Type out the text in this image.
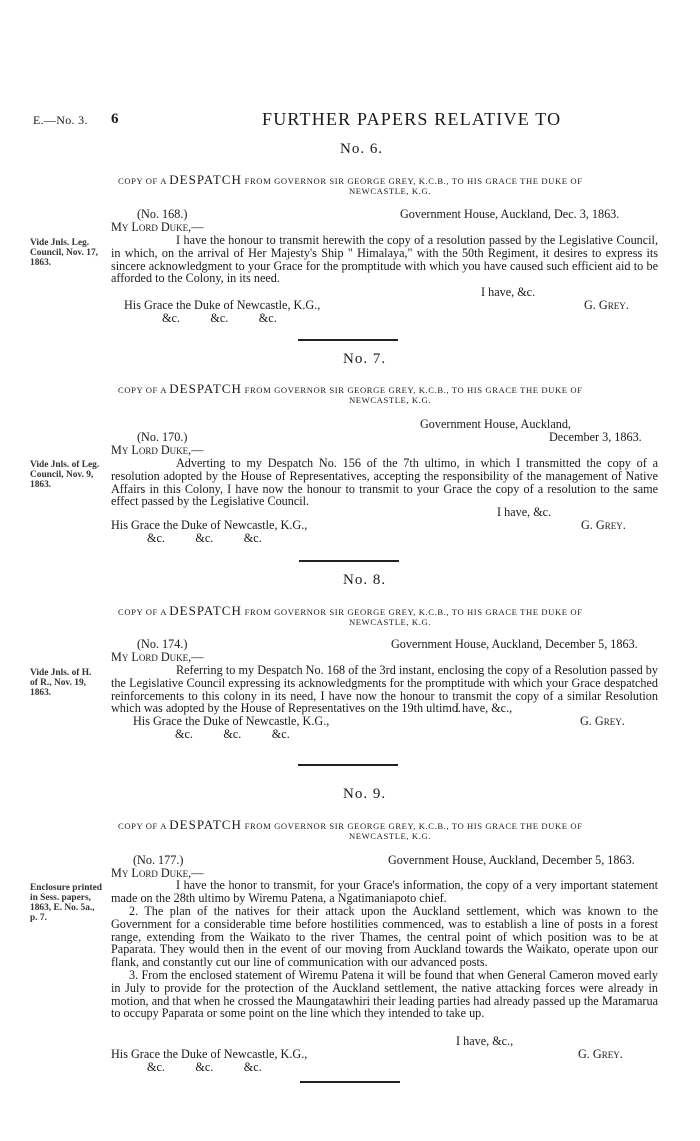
E.—No. 3. 6	FURTHER PAPERS RELATIVE TO
No. 6.
COPY OF A DESPATCH FROM GOVERNOR SIR GEORGE GREY, K.C.B., TO HIS GRACE THE DUKE OF
NEWCASTLE, K.G.
(No. 168.)	Government House, Auckland, Dec. 3, 1863.
My Lord Duke,—
Vide Jnls. Leg.
Council, Nov. 17,
1863.
I have the honour to transmit herewith the copy of a resolution passed by the Legislative Council, in which, on the arrival of Her Majesty's Ship " Himalaya," with the 50th Regiment, it desires to express its sincere acknowledgment to your Grace for the promptitude with which you have caused such efficient aid to be afforded to the Colony, in its need.
I have, &c.
His Grace the Duke of Newcastle, K.G.,	G. Grey.
&c.          &c.          &c.
No. 7.
COPY OF A DESPATCH FROM GOVERNOR SIR GEORGE GREY, K.C.B., TO HIS GRACE THE DUKE OF
NEWCASTLE, K.G.
Government House, Auckland,
(No. 170.)	December 3, 1863.
My Lord Duke,—
Vide Jnls. of Leg.
Council, Nov. 9,
1863.
Adverting to my Despatch No. 156 of the 7th ultimo, in which I transmitted the copy of a resolution adopted by the House of Representatives, accepting the responsibility of the management of Native Affairs in this Colony, I have now the honour to transmit to your Grace the copy of a resolution to the same effect passed by the Legislative Council.
I have, &c.
His Grace the Duke of Newcastle, K.G.,	G. Grey.
&c.          &c.          &c.
No. 8.
COPY OF A DESPATCH FROM GOVERNOR SIR GEORGE GREY, K.C.B., TO HIS GRACE THE DUKE OF
NEWCASTLE, K.G.
(No. 174.)	Government House, Auckland, December 5, 1863.
My Lord Duke,—
Vide Jnls. of H.
of R., Nov. 19,
1863.
Referring to my Despatch No. 168 of the 3rd instant, enclosing the copy of a Resolution passed by the Legislative Council expressing its acknowledgments for the promptitude with which your Grace despatched reinforcements to this colony in its need, I have now the honour to transmit the copy of a similar Resolution which was adopted by the House of Representatives on the 19th ultimo.
I have, &c.,
His Grace the Duke of Newcastle, K.G.,	G. Grey.
&c.          &c.          &c.
No. 9.
COPY OF A DESPATCH FROM GOVERNOR SIR GEORGE GREY, K.C.B., TO HIS GRACE THE DUKE OF
NEWCASTLE, K.G.
(No. 177.)	Government House, Auckland, December 5, 1863.
My Lord Duke,—
Enclosure printed
in Sess. papers,
1863, E. No. 5a.,
p. 7.
I have the honor to transmit, for your Grace's information, the copy of a very important statement made on the 28th ultimo by Wiremu Patena, a Ngatimaniapoto chief.
2. The plan of the natives for their attack upon the Auckland settlement, which was known to the Government for a considerable time before hostilities commenced, was to establish a line of posts in a forest range, extending from the Waikato to the river Thames, the central point of which position was to be at Paparata. They would then in the event of our moving from Auckland towards the Waikato, operate upon our flank, and constantly cut our line of communication with our advanced posts.
3. From the enclosed statement of Wiremu Patena it will be found that when General Cameron moved early in July to provide for the protection of the Auckland settlement, the native attacking forces were already in motion, and that when he crossed the Maungatawhiri their leading parties had already passed up the Maramarua to occupy Paparata or some point on the line which they intended to take up.
I have, &c.,
His Grace the Duke of Newcastle, K.G.,	G. Grey.
&c.          &c.          &c.
